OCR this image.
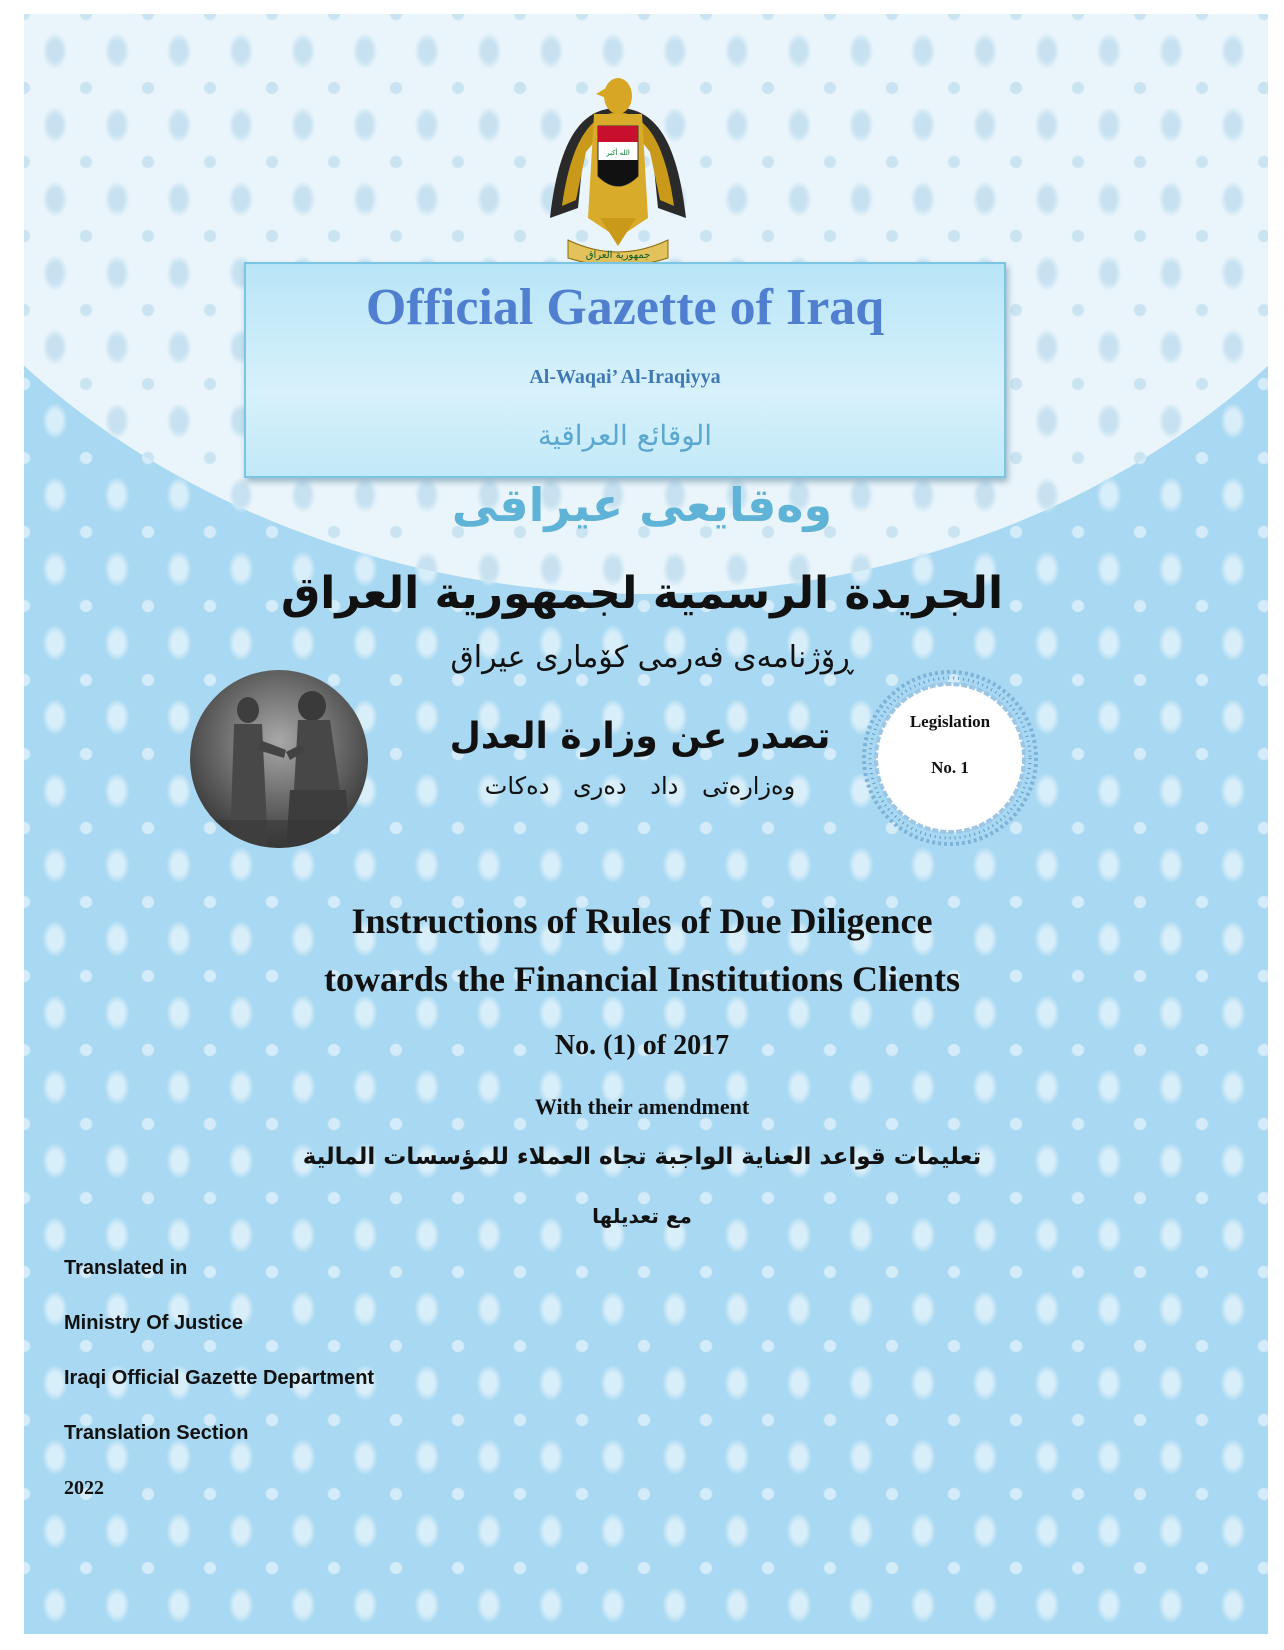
الله أكبر
جمهورية العراق
Official Gazette of Iraq
Al-Waqai’ Al-Iraqiyya
الوقائع العراقية
وەقایعی عیراقی
الجريدة الرسمية لجمهورية العراق
ڕۆژنامەی فەرمی کۆماری عیراق
تصدر عن وزارة العدل
وەزارەتی داد دەری دەکات
Legislation
No. 1
Instructions of Rules of Due Diligence
towards the Financial Institutions Clients
No. (1) of 2017
With their amendment
تعليمات قواعد العناية الواجبة تجاه العملاء للمؤسسات المالية
مع تعديلها
Translated in
Ministry Of Justice
Iraqi Official Gazette Department
Translation Section
2022
